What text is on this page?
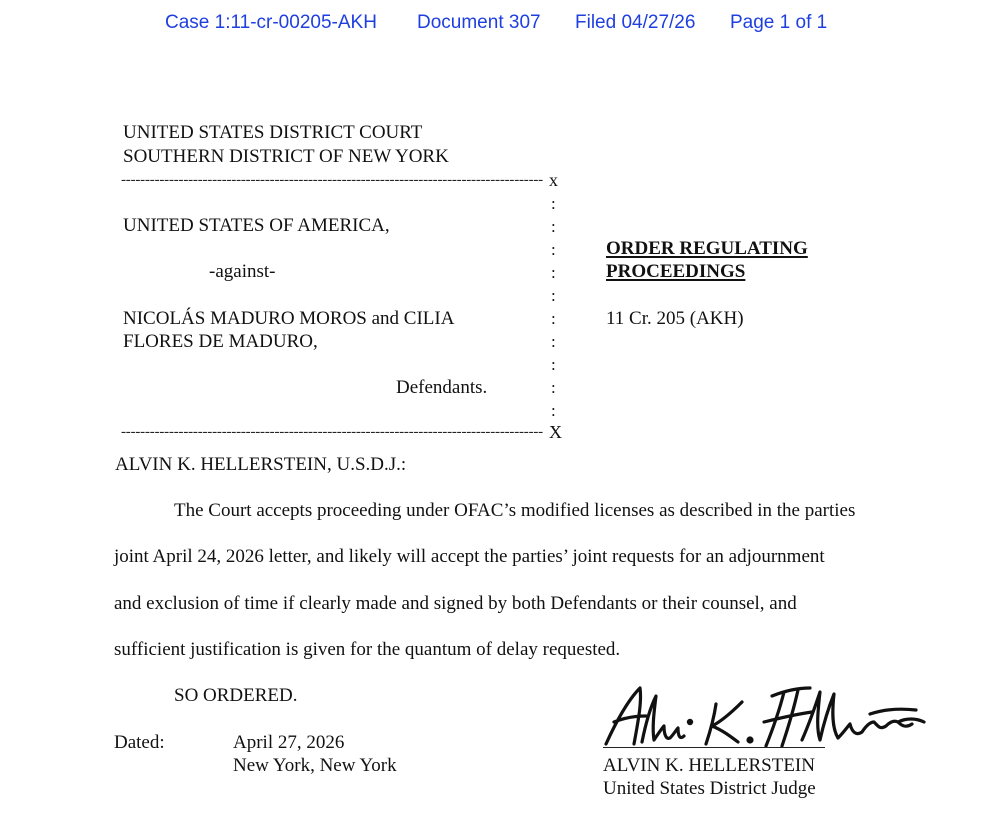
Case 1:11-cr-00205-AKH Document 307 Filed 04/27/26 Page 1 of 1
UNITED STATES DISTRICT COURT
SOUTHERN DISTRICT OF NEW YORK
---------------------------------------------------------------------------------------- x
---------------------------------------------------------------------------------------- X
:
:
:
:
:
:
:
:
:
:
UNITED STATES OF AMERICA,
-against-
NICOLÁS MADURO MOROS and CILIA
FLORES DE MADURO,
Defendants.
ORDER REGULATING
PROCEEDINGS
11 Cr. 205 (AKH)
ALVIN K. HELLERSTEIN, U.S.D.J.:
The Court accepts proceeding under OFAC’s modified licenses as described in the parties
joint April 24, 2026 letter, and likely will accept the parties’ joint requests for an adjournment
and exclusion of time if clearly made and signed by both Defendants or their counsel, and
sufficient justification is given for the quantum of delay requested.
SO ORDERED.
Dated:	April 27, 2026
New York, New York	ALVIN K. HELLERSTEIN
United States District Judge
